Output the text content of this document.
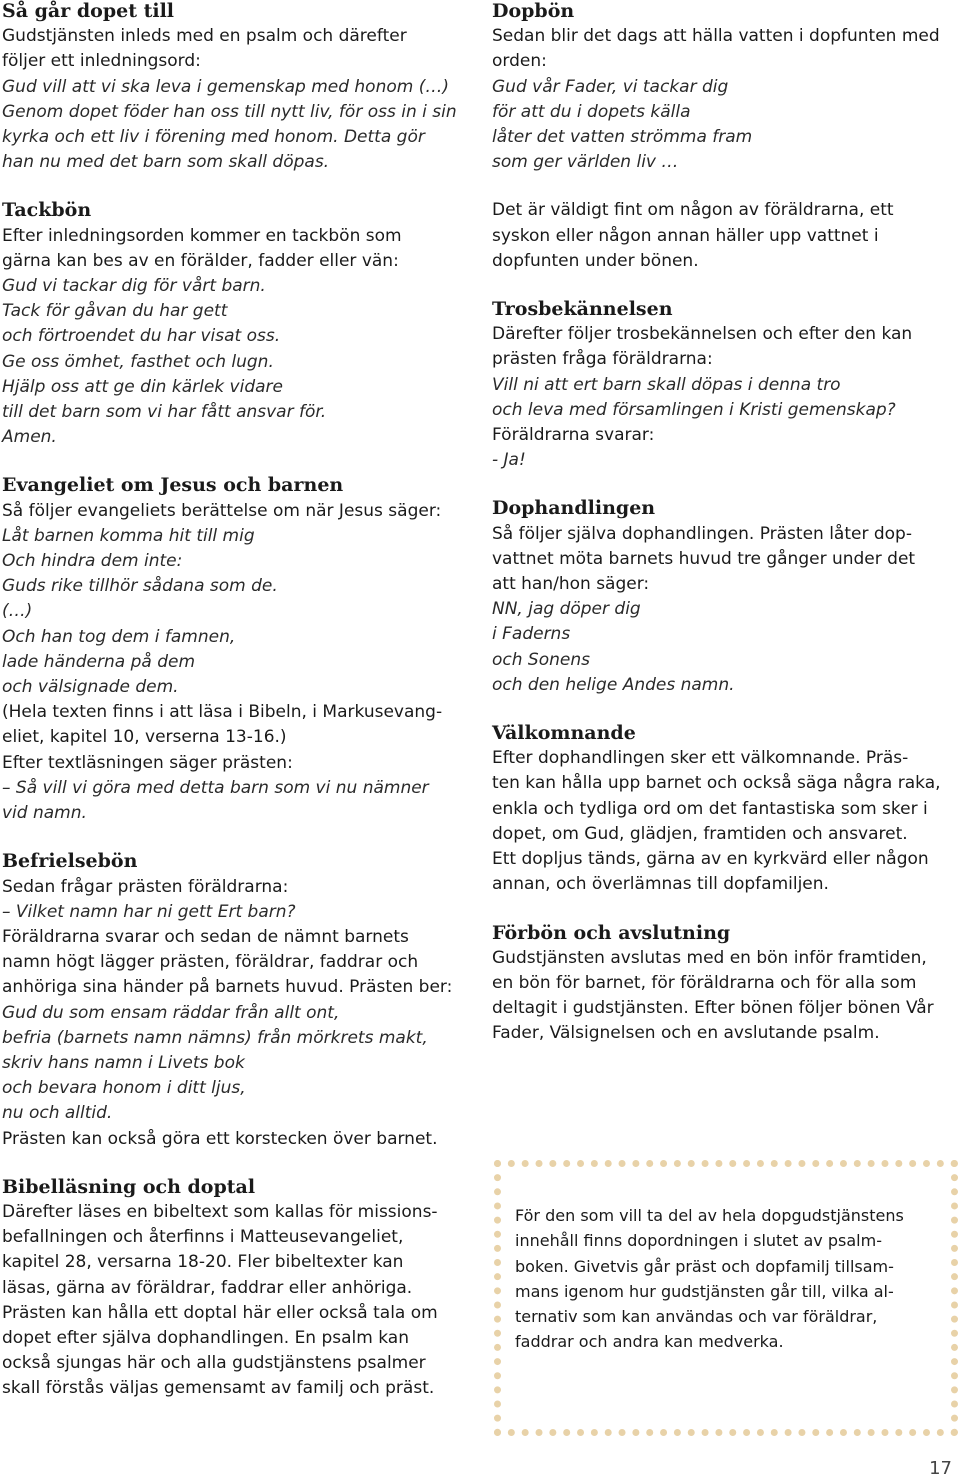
Så går dopet till

Gudstjänsten inleds med en psalm och därefter

följer ett inledningsord:

Gud vill att vi ska leva i gemenskap med honom (…)

Genom dopet föder han oss till nytt liv, för oss in i sin

kyrka och ett liv i förening med honom. Detta gör

han nu med det barn som skall döpas.

Tackbön

Efter inledningsorden kommer en tackbön som

gärna kan bes av en förälder, fadder eller vän:

Gud vi tackar dig för vårt barn.

Tack för gåvan du har gett

och förtroendet du har visat oss.

Ge oss ömhet, fasthet och lugn.

Hjälp oss att ge din kärlek vidare

till det barn som vi har fått ansvar för.

Amen.

Evangeliet om Jesus och barnen

Så följer evangeliets berättelse om när Jesus säger:

Låt barnen komma hit till mig

Och hindra dem inte:

Guds rike tillhör sådana som de.

(…)

Och han tog dem i famnen,

lade händerna på dem

och välsignade dem.

(Hela texten finns i att läsa i Bibeln, i Markusevang-

eliet, kapitel 10, verserna 13-16.)

Efter textläsningen säger prästen:

– Så vill vi göra med detta barn som vi nu nämner

vid namn.

Befrielsebön

Sedan frågar prästen föräldrarna:

– Vilket namn har ni gett Ert barn?

Föräldrarna svarar och sedan de nämnt barnets

namn högt lägger prästen, föräldrar, faddrar och

anhöriga sina händer på barnets huvud. Prästen ber:

Gud du som ensam räddar från allt ont,

befria (barnets namn nämns) från mörkrets makt,

skriv hans namn i Livets bok

och bevara honom i ditt ljus,

nu och alltid.

Prästen kan också göra ett korstecken över barnet.

Bibelläsning och doptal

Därefter läses en bibeltext som kallas för missions-

befallningen och återfinns i Matteusevangeliet,

kapitel 28, versarna 18-20. Fler bibeltexter kan

läsas, gärna av föräldrar, faddrar eller anhöriga.

Prästen kan hålla ett doptal här eller också tala om

dopet efter själva dophandlingen. En psalm kan

också sjungas här och alla gudstjänstens psalmer

skall förstås väljas gemensamt av familj och präst.

Dopbön

Sedan blir det dags att hälla vatten i dopfunten med

orden:

Gud vår Fader, vi tackar dig

för att du i dopets källa

låter det vatten strömma fram

som ger världen liv …

Det är väldigt fint om någon av föräldrarna, ett

syskon eller någon annan häller upp vattnet i

dopfunten under bönen.

Trosbekännelsen

Därefter följer trosbekännelsen och efter den kan

prästen fråga föräldrarna:

Vill ni att ert barn skall döpas i denna tro

och leva med församlingen i Kristi gemenskap?

Föräldrarna svarar:

- Ja!

Dophandlingen

Så följer själva dophandlingen. Prästen låter dop-

vattnet möta barnets huvud tre gånger under det

att han/hon säger:

NN, jag döper dig

i Faderns

och Sonens

och den helige Andes namn.

Välkomnande

Efter dophandlingen sker ett välkomnande. Präs-

ten kan hålla upp barnet och också säga några raka,

enkla och tydliga ord om det fantastiska som sker i

dopet, om Gud, glädjen, framtiden och ansvaret.

Ett dopljus tänds, gärna av en kyrkvärd eller någon

annan, och överlämnas till dopfamiljen.

Förbön och avslutning

Gudstjänsten avslutas med en bön inför framtiden,

en bön för barnet, för föräldrarna och för alla som

deltagit i gudstjänsten. Efter bönen följer bönen Vår

Fader, Välsignelsen och en avslutande psalm.

För den som vill ta del av hela dopgudstjänstens

innehåll finns dopordningen i slutet av psalm-

boken. Givetvis går präst och dopfamilj tillsam-

mans igenom hur gudstjänsten går till, vilka al-

ternativ som kan användas och var föräldrar,

faddrar och andra kan medverka.

17
